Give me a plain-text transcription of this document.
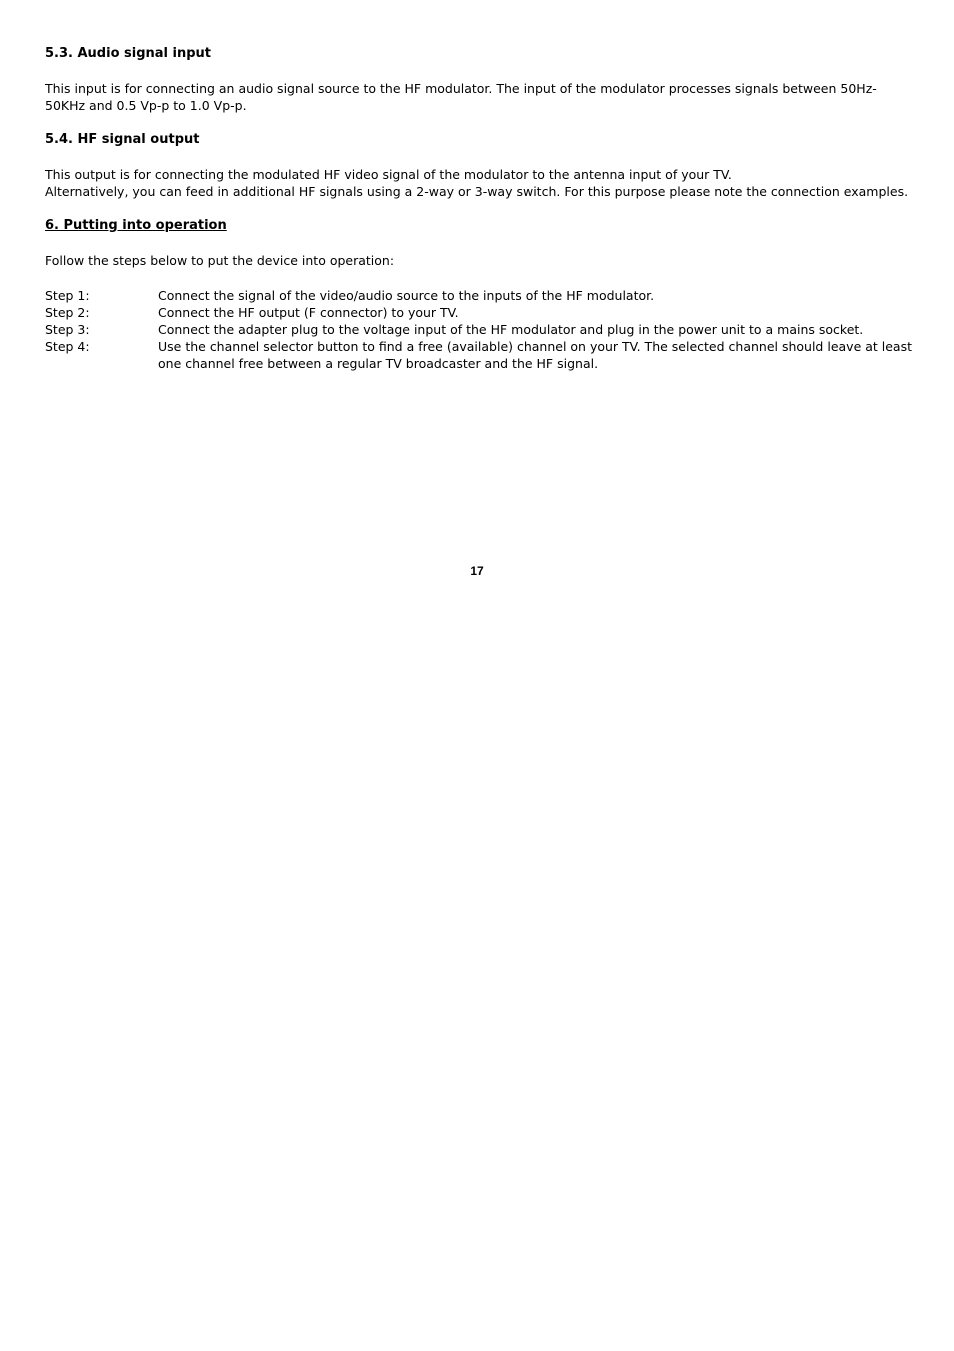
5.3. Audio signal input

This input is for connecting an audio signal source to the HF modulator. The input of the modulator processes signals between 50Hz-50KHz and 0.5 Vp-p to 1.0 Vp-p.

5.4. HF signal output

This output is for connecting the modulated HF video signal of the modulator to the antenna input of your TV.

Alternatively, you can feed in additional HF signals using a 2-way or 3-way switch. For this purpose please note the connection examples.

6. Putting into operation

Follow the steps below to put the device into operation:

Step 1:	Connect the signal of the video/audio source to the inputs of the HF modulator.
Step 2:	Connect the HF output (F connector) to your TV.
Step 3:	Connect the adapter plug to the voltage input of the HF modulator and plug in the power unit to a mains socket.
Step 4:	Use the channel selector button to find a free (available) channel on your TV. The selected channel should leave at least one channel free between a regular TV broadcaster and the HF signal.
17
